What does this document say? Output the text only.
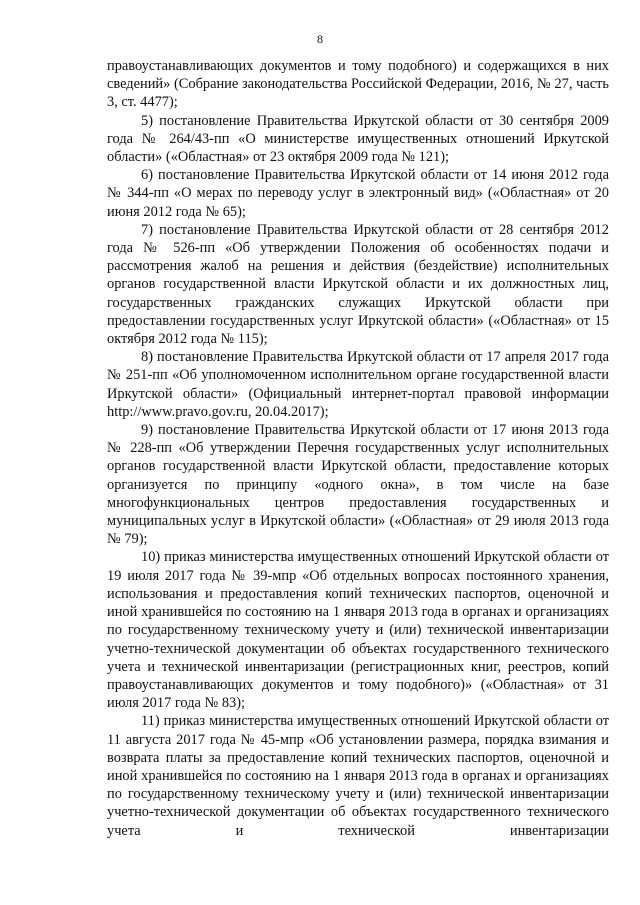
8

правоустанавливающих документов и тому подобного) и содержащихся в них сведений» (Собрание законодательства Российской Федерации, 2016, № 27, часть 3, ст. 4477);

5) постановление Правительства Иркутской области от 30 сентября 2009 года № 264/43-пп «О министерстве имущественных отношений Иркутской области» («Областная» от 23 октября 2009 года № 121);

6) постановление Правительства Иркутской области от 14 июня 2012 года № 344-пп «О мерах по переводу услуг в электронный вид» («Областная» от 20 июня 2012 года № 65);

7) постановление Правительства Иркутской области от 28 сентября 2012 года № 526-пп «Об утверждении Положения об особенностях подачи и рассмотрения жалоб на решения и действия (бездействие) исполнительных органов государственной власти Иркутской области и их должностных лиц, государственных гражданских служащих Иркутской области при предоставлении государственных услуг Иркутской области» («Областная» от 15 октября 2012 года № 115);

8) постановление Правительства Иркутской области от 17 апреля 2017 года № 251-пп «Об уполномоченном исполнительном органе государственной власти Иркутской области» (Официальный интернет-портал правовой информации http://www.pravo.gov.ru, 20.04.2017);

9) постановление Правительства Иркутской области от 17 июня 2013 года № 228-пп «Об утверждении Перечня государственных услуг исполнительных органов государственной власти Иркутской области, предоставление которых организуется по принципу «одного окна», в том числе на базе многофункциональных центров предоставления государственных и муниципальных услуг в Иркутской области» («Областная» от 29 июля 2013 года № 79);

10) приказ министерства имущественных отношений Иркутской области от 19 июля 2017 года № 39-мпр «Об отдельных вопросах постоянного хранения, использования и предоставления копий технических паспортов, оценочной и иной хранившейся по состоянию на 1 января 2013 года в органах и организациях по государственному техническому учету и (или) технической инвентаризации учетно-технической документации об объектах государственного технического учета и технической инвентаризации (регистрационных книг, реестров, копий правоустанавливающих документов и тому подобного)» («Областная» от 31 июля 2017 года № 83);

11) приказ министерства имущественных отношений Иркутской области от 11 августа 2017 года № 45-мпр «Об установлении размера, порядка взимания и возврата платы за предоставление копий технических паспортов, оценочной и иной хранившейся по состоянию на 1 января 2013 года в органах и организациях по государственному техническому учету и (или) технической инвентаризации учетно-технической документации об объектах государственного технического учета и технической инвентаризации
